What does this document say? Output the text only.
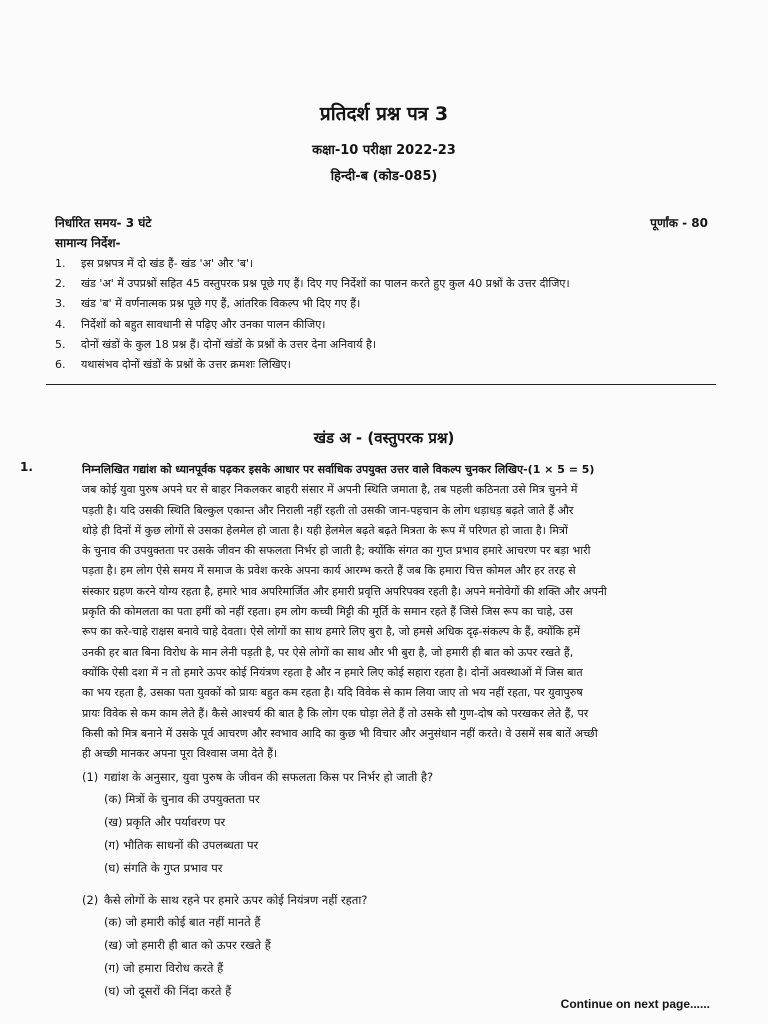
प्रतिदर्श प्रश्न पत्र 3
कक्षा-10 परीक्षा 2022-23
हिन्दी-ब (कोड-085)
निर्धारित समय- 3 घंटे	पूर्णांक - 80
सामान्य निर्देश-
1. इस प्रश्नपत्र में दो खंड हैं- खंड 'अ' और 'ब'।
2. खंड 'अ' में उपप्रश्नों सहित 45 वस्तुपरक प्रश्न पूछे गए हैं। दिए गए निर्देशों का पालन करते हुए कुल 40 प्रश्नों के उत्तर दीजिए।
3. खंड 'ब' में वर्णनात्मक प्रश्न पूछे गए हैं, आंतरिक विकल्प भी दिए गए हैं।
4. निर्देशों को बहुत सावधानी से पढ़िए और उनका पालन कीजिए।
5. दोनों खंडों के कुल 18 प्रश्न हैं। दोनों खंडों के प्रश्नों के उत्तर देना अनिवार्य है।
6. यथासंभव दोनों खंडों के प्रश्नों के उत्तर क्रमशः लिखिए।
खंड अ - (वस्तुपरक प्रश्न)
1.	निम्नलिखित गद्यांश को ध्यानपूर्वक पढ़कर इसके आधार पर सर्वाधिक उपयुक्त उत्तर वाले विकल्प चुनकर लिखिए-(1 × 5 = 5)
जब कोई युवा पुरुष अपने घर से बाहर निकलकर बाहरी संसार में अपनी स्थिति जमाता है, तब पहली कठिनता उसे मित्र चुनने में
पड़ती है। यदि उसकी स्थिति बिल्कुल एकान्त और निराली नहीं रहती तो उसकी जान-पहचान के लोग धड़ाधड़ बढ़ते जाते हैं और
थोड़े ही दिनों में कुछ लोगों से उसका हेलमेल हो जाता है। यही हेलमेल बढ़ते बढ़ते मित्रता के रूप में परिणत हो जाता है। मित्रों
के चुनाव की उपयुक्तता पर उसके जीवन की सफलता निर्भर हो जाती है; क्योंकि संगत का गुप्त प्रभाव हमारे आचरण पर बड़ा भारी
पड़ता है। हम लोग ऐसे समय में समाज के प्रवेश करके अपना कार्य आरम्भ करते हैं जब कि हमारा चित्त कोमल और हर तरह से
संस्कार ग्रहण करने योग्य रहता है, हमारे भाव अपरिमार्जित और हमारी प्रवृत्ति अपरिपक्व रहती है। अपने मनोवेगों की शक्ति और अपनी
प्रकृति की कोमलता का पता हमीं को नहीं रहता। हम लोग कच्ची मिट्टी की मूर्ति के समान रहते हैं जिसे जिस रूप का चाहे, उस
रूप का करे-चाहे राक्षस बनावे चाहे देवता। ऐसे लोगों का साथ हमारे लिए बुरा है, जो हमसे अधिक दृढ़-संकल्प के हैं, क्योंकि हमें
उनकी हर बात बिना विरोध के मान लेनी पड़ती है, पर ऐसे लोगों का साथ और भी बुरा है, जो हमारी ही बात को ऊपर रखते हैं,
क्योंकि ऐसी दशा में न तो हमारे ऊपर कोई नियंत्रण रहता है और न हमारे लिए कोई सहारा रहता है। दोनों अवस्थाओं में जिस बात
का भय रहता है, उसका पता युवकों को प्रायः बहुत कम रहता है। यदि विवेक से काम लिया जाए तो भय नहीं रहता, पर युवापुरुष
प्रायः विवेक से कम काम लेते हैं। कैसे आश्चर्य की बात है कि लोग एक घोड़ा लेते हैं तो उसके सौ गुण-दोष को परखकर लेते हैं, पर
किसी को मित्र बनाने में उसके पूर्व आचरण और स्वभाव आदि का कुछ भी विचार और अनुसंधान नहीं करते। वे उसमें सब बातें अच्छी
ही अच्छी मानकर अपना पूरा विश्वास जमा देते हैं।
(1) गद्यांश के अनुसार, युवा पुरुष के जीवन की सफलता किस पर निर्भर हो जाती है?
(क) मित्रों के चुनाव की उपयुक्तता पर
(ख) प्रकृति और पर्यावरण पर
(ग) भौतिक साधनों की उपलब्धता पर
(घ) संगति के गुप्त प्रभाव पर
(2) कैसे लोगों के साथ रहने पर हमारे ऊपर कोई नियंत्रण नहीं रहता?
(क) जो हमारी कोई बात नहीं मानते हैं
(ख) जो हमारी ही बात को ऊपर रखते हैं
(ग) जो हमारा विरोध करते हैं
(घ) जो दूसरों की निंदा करते हैं
Continue on next page......
